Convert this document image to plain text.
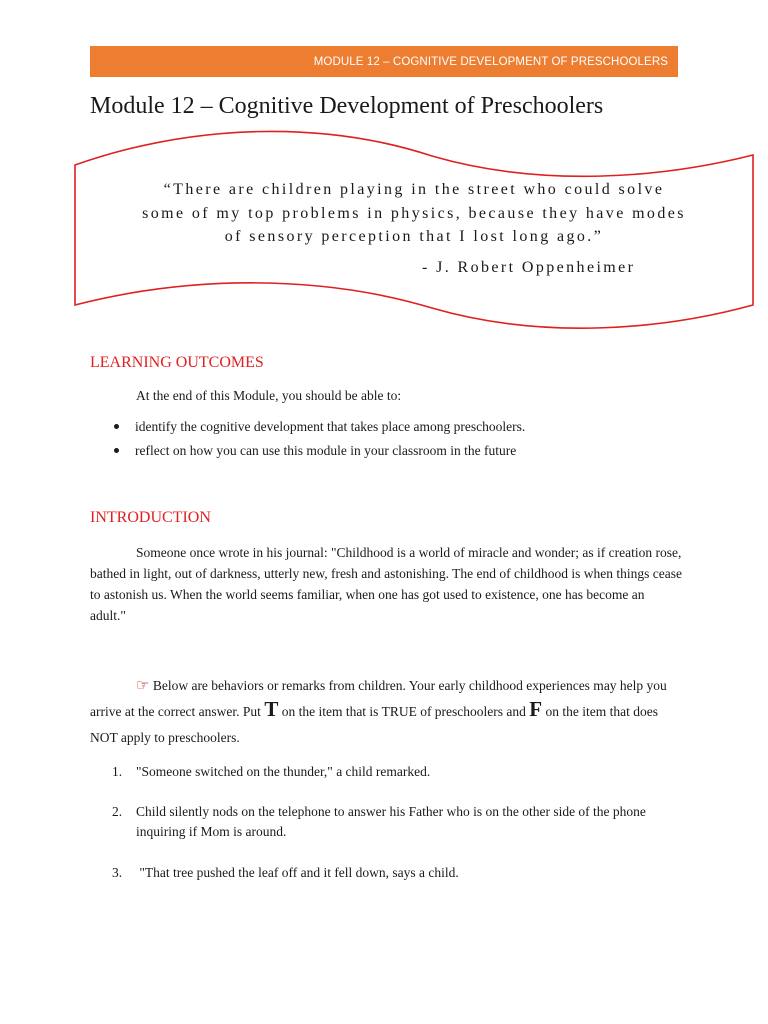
MODULE 12 – COGNITIVE DEVELOPMENT OF PRESCHOOLERS
Module 12 – Cognitive Development of Preschoolers

“There are children playing in the street who could solve
some of my top problems in physics, because they have modes
of sensory perception that I lost long ago.”

- J. Robert Oppenheimer

LEARNING OUTCOMES

At the end of this Module, you should be able to:

identify the cognitive development that takes place among preschoolers.
reflect on how you can use this module in your classroom in the future
INTRODUCTION

Someone once wrote in his journal: "Childhood is a world of miracle and wonder; as if creation rose, bathed in light, out of darkness, utterly new, fresh and astonishing. The end of childhood is when things cease to astonish us. When the world seems familiar, when one has got used to existence, one has become an adult."

☞ Below are behaviors or remarks from children. Your early childhood experiences may help you arrive at the correct answer. Put T on the item that is TRUE of preschoolers and F on the item that does NOT apply to preschoolers.

1. "Someone switched on the thunder," a child remarked.
2. Child silently nods on the telephone to answer his Father who is on the other side of the phone inquiring if Mom is around.
3. "That tree pushed the leaf off and it fell down, says a child.
